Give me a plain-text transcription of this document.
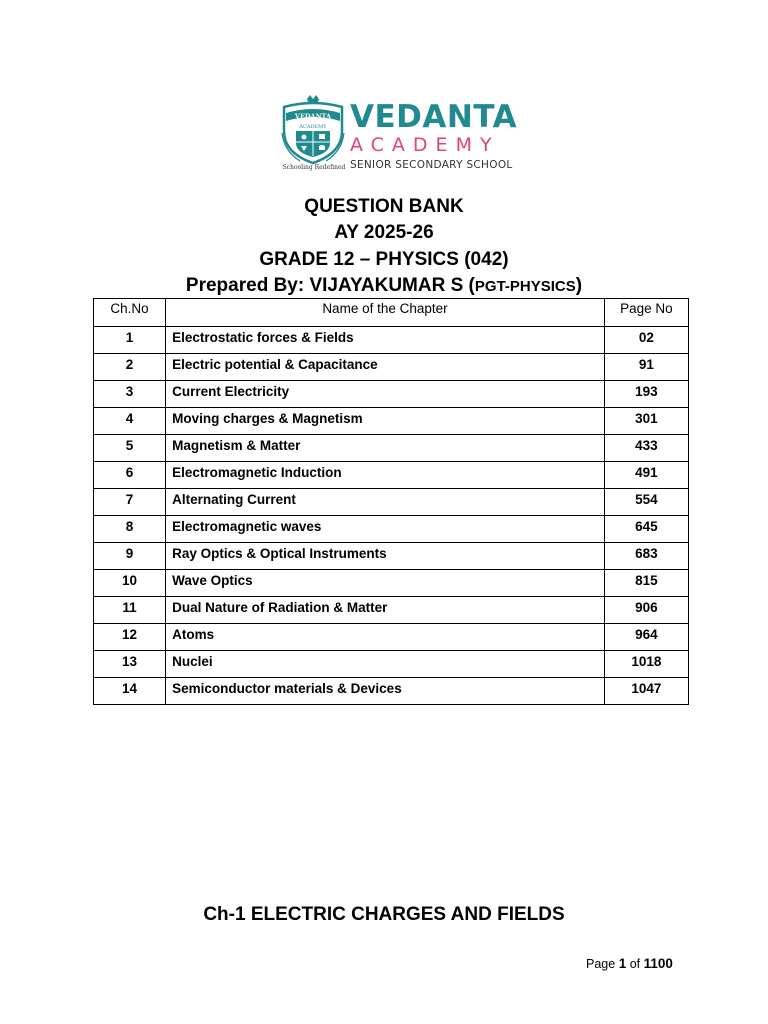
VEDANTA
ACADEMY
Schooling Redefined
VEDANTA
ACADEMY
SENIOR SECONDARY SCHOOL
QUESTION BANK
AY 2025-26
GRADE 12 – PHYSICS (042)
Prepared By: VIJAYAKUMAR S (PGT-PHYSICS)
Ch.No	Name of the Chapter	Page No
1	Electrostatic forces & Fields	02
2	Electric potential & Capacitance	91
3	Current Electricity	193
4	Moving charges & Magnetism	301
5	Magnetism & Matter	433
6	Electromagnetic Induction	491
7	Alternating Current	554
8	Electromagnetic waves	645
9	Ray Optics & Optical Instruments	683
10	Wave Optics	815
11	Dual Nature of Radiation & Matter	906
12	Atoms	964
13	Nuclei	1018
14	Semiconductor materials & Devices	1047
Ch-1 ELECTRIC CHARGES AND FIELDS
Page 1 of 1100
